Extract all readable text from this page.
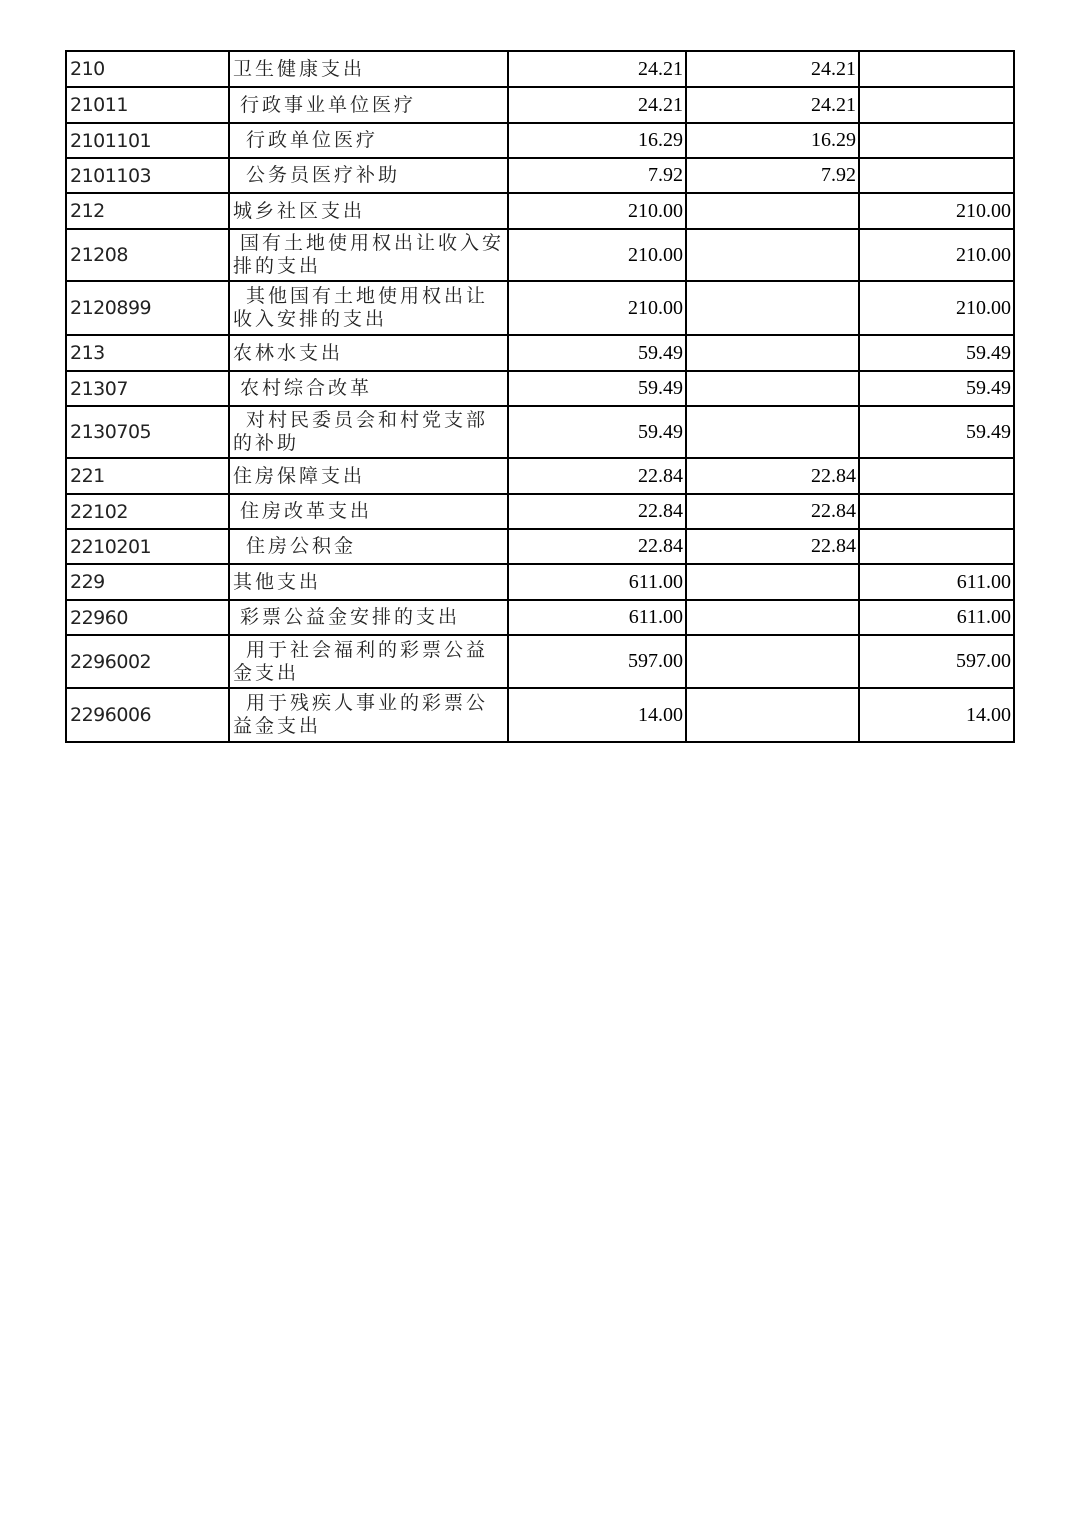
210	卫生健康支出	24.21	24.21	
21011	行政事业单位医疗	24.21	24.21	
2101101	行政单位医疗	16.29	16.29	
2101103	公务员医疗补助	7.92	7.92	
212	城乡社区支出	210.00		210.00
21208	国有土地使用权出让收入安排的支出	210.00		210.00
2120899	其他国有土地使用权出让收入安排的支出	210.00		210.00
213	农林水支出	59.49		59.49
21307	农村综合改革	59.49		59.49
2130705	对村民委员会和村党支部的补助	59.49		59.49
221	住房保障支出	22.84	22.84	
22102	住房改革支出	22.84	22.84	
2210201	住房公积金	22.84	22.84	
229	其他支出	611.00		611.00
22960	彩票公益金安排的支出	611.00		611.00
2296002	用于社会福利的彩票公益金支出	597.00		597.00
2296006	用于残疾人事业的彩票公益金支出	14.00		14.00
